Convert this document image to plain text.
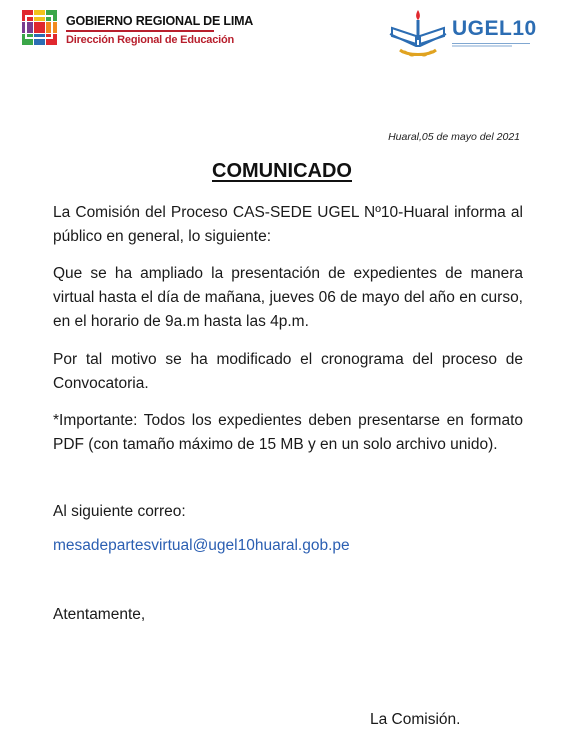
GOBIERNO REGIONAL DE LIMA
Dirección Regional de Educación	UGEL10
Huaral,05 de mayo del 2021
COMUNICADO
La Comisión del Proceso CAS-SEDE UGEL Nº10-Huaral informa al público en general, lo siguiente:
Que se ha ampliado la presentación de expedientes de manera virtual hasta el día de mañana, jueves 06 de mayo del año en curso, en el horario de 9a.m hasta las 4p.m.
Por tal motivo se ha modificado el cronograma del proceso de Convocatoria.
*Importante: Todos los expedientes deben presentarse en formato PDF (con tamaño máximo de 15 MB y en un solo archivo unido).
Al siguiente correo:
mesadepartesvirtual@ugel10huaral.gob.pe
Atentamente,
La Comisión.
